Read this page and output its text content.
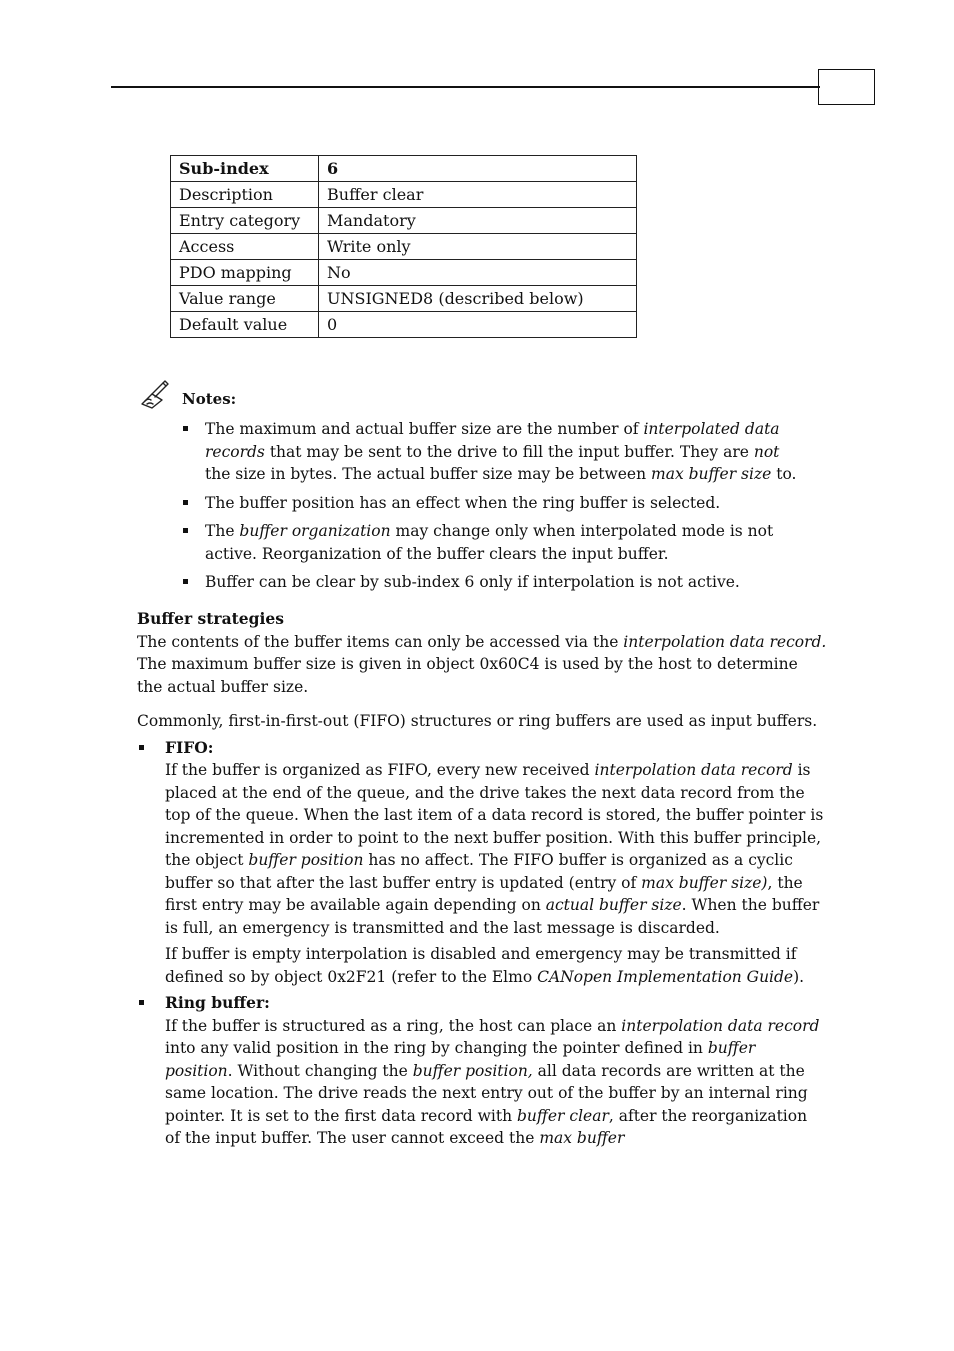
Sub-index	6
Description	Buffer clear
Entry category	Mandatory
Access	Write only
PDO mapping	No
Value range	UNSIGNED8 (described below)
Default value	0
Notes:
The maximum and actual buffer size are the number of interpolated data records that may be sent to the drive to fill the input buffer. They are not the size in bytes. The actual buffer size may be between max buffer size to.
The buffer position has an effect when the ring buffer is selected.
The buffer organization may change only when interpolated mode is not active. Reorganization of the buffer clears the input buffer.
Buffer can be clear by sub-index 6 only if interpolation is not active.

Buffer strategies

The contents of the buffer items can only be accessed via the interpolation data record. The maximum buffer size is given in object 0x60C4 is used by the host to determine the actual buffer size.

Commonly, first-in-first-out (FIFO) structures or ring buffers are used as input buffers.

FIFO:

If the buffer is organized as FIFO, every new received interpolation data record is placed at the end of the queue, and the drive takes the next data record from the top of the queue. When the last item of a data record is stored, the buffer pointer is incremented in order to point to the next buffer position. With this buffer principle, the object buffer position has no affect. The FIFO buffer is organized as a cyclic buffer so that after the last buffer entry is updated (entry of max buffer size), the first entry may be available again depending on actual buffer size. When the buffer is full, an emergency is transmitted and the last message is discarded.

If buffer is empty interpolation is disabled and emergency may be transmitted if defined so by object 0x2F21 (refer to the Elmo CANopen Implementation Guide).

Ring buffer:

If the buffer is structured as a ring, the host can place an interpolation data record into any valid position in the ring by changing the pointer defined in buffer position. Without changing the buffer position, all data records are written at the same location. The drive reads the next entry out of the buffer by an internal ring pointer. It is set to the first data record with buffer clear, after the reorganization of the input buffer. The user cannot exceed the max buffer
